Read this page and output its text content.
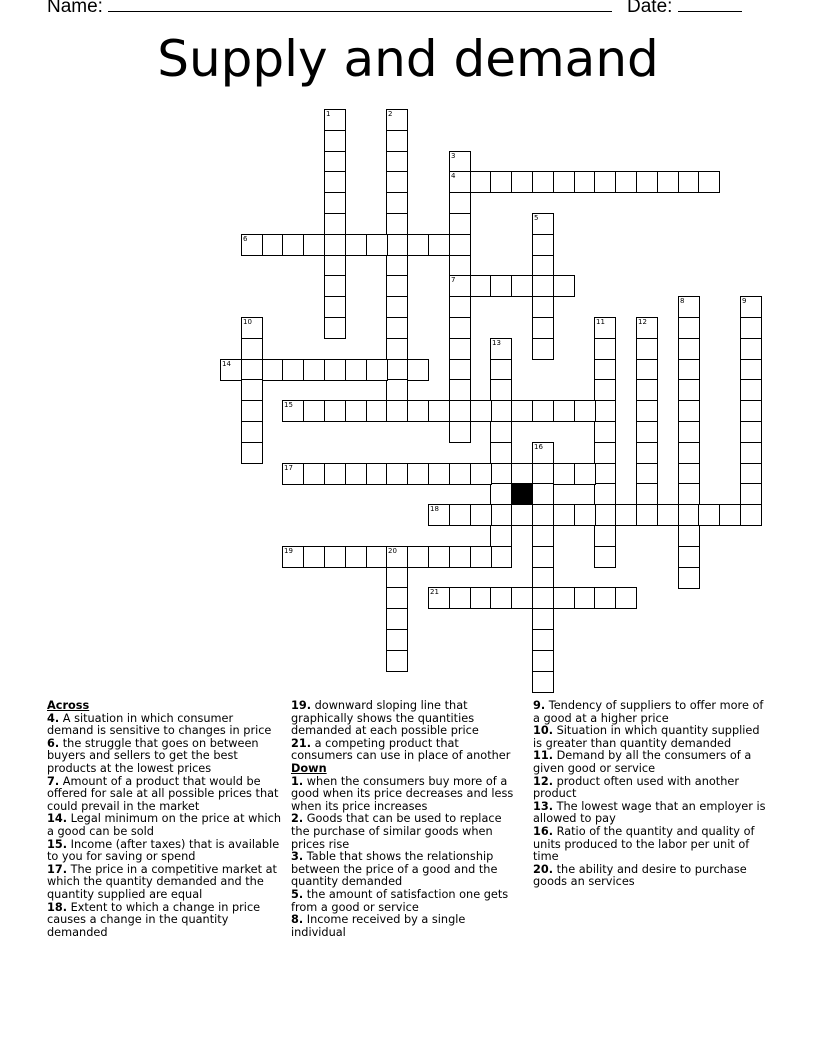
Name:	Date:
Supply and demand
1	2
3
4
5
6
7
8	9
10	11	12
13
14
15
16
17
18
19	20
21
Across
4. A situation in which consumer demand is sensitive to changes in price
6. the struggle that goes on between buyers and sellers to get the best products at the lowest prices
7. Amount of a product that would be offered for sale at all possible prices that could prevail in the market
14. Legal minimum on the price at which a good can be sold
15. Income (after taxes) that is available to you for saving or spend
17. The price in a competitive market at which the quantity demanded and the quantity supplied are equal
18. Extent to which a change in price causes a change in the quantity demanded
19. downward sloping line that graphically shows the quantities demanded at each possible price
21. a competing product that consumers can use in place of another
Down
1. when the consumers buy more of a good when its price decreases and less when its price increases
2. Goods that can be used to replace the purchase of similar goods when prices rise
3. Table that shows the relationship between the price of a good and the quantity demanded
5. the amount of satisfaction one gets from a good or service
8. Income received by a single individual
9. Tendency of suppliers to offer more of a good at a higher price
10. Situation in which quantity supplied is greater than quantity demanded
11. Demand by all the consumers of a given good or service
12. product often used with another product
13. The lowest wage that an employer is allowed to pay
16. Ratio of the quantity and quality of units produced to the labor per unit of time
20. the ability and desire to purchase goods an services
